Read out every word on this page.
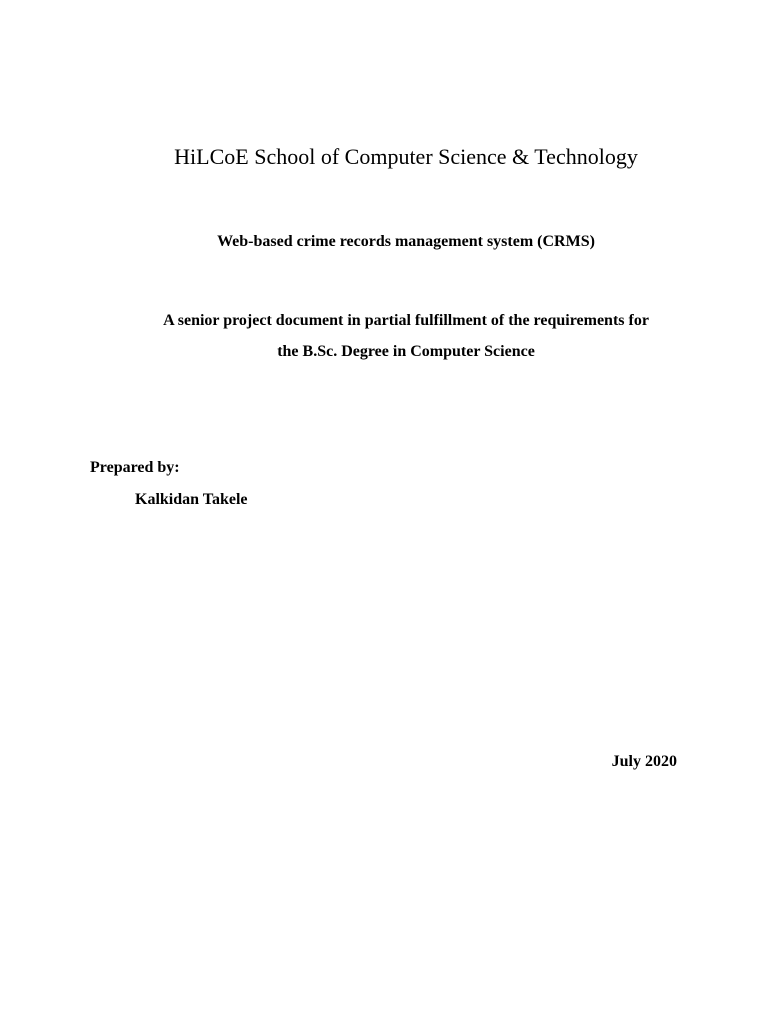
HiLCoE School of Computer Science & Technology
Web-based crime records management system (CRMS)
A senior project document in partial fulfillment of the requirements for
the B.Sc. Degree in Computer Science
Prepared by:
Kalkidan Takele
July 2020
